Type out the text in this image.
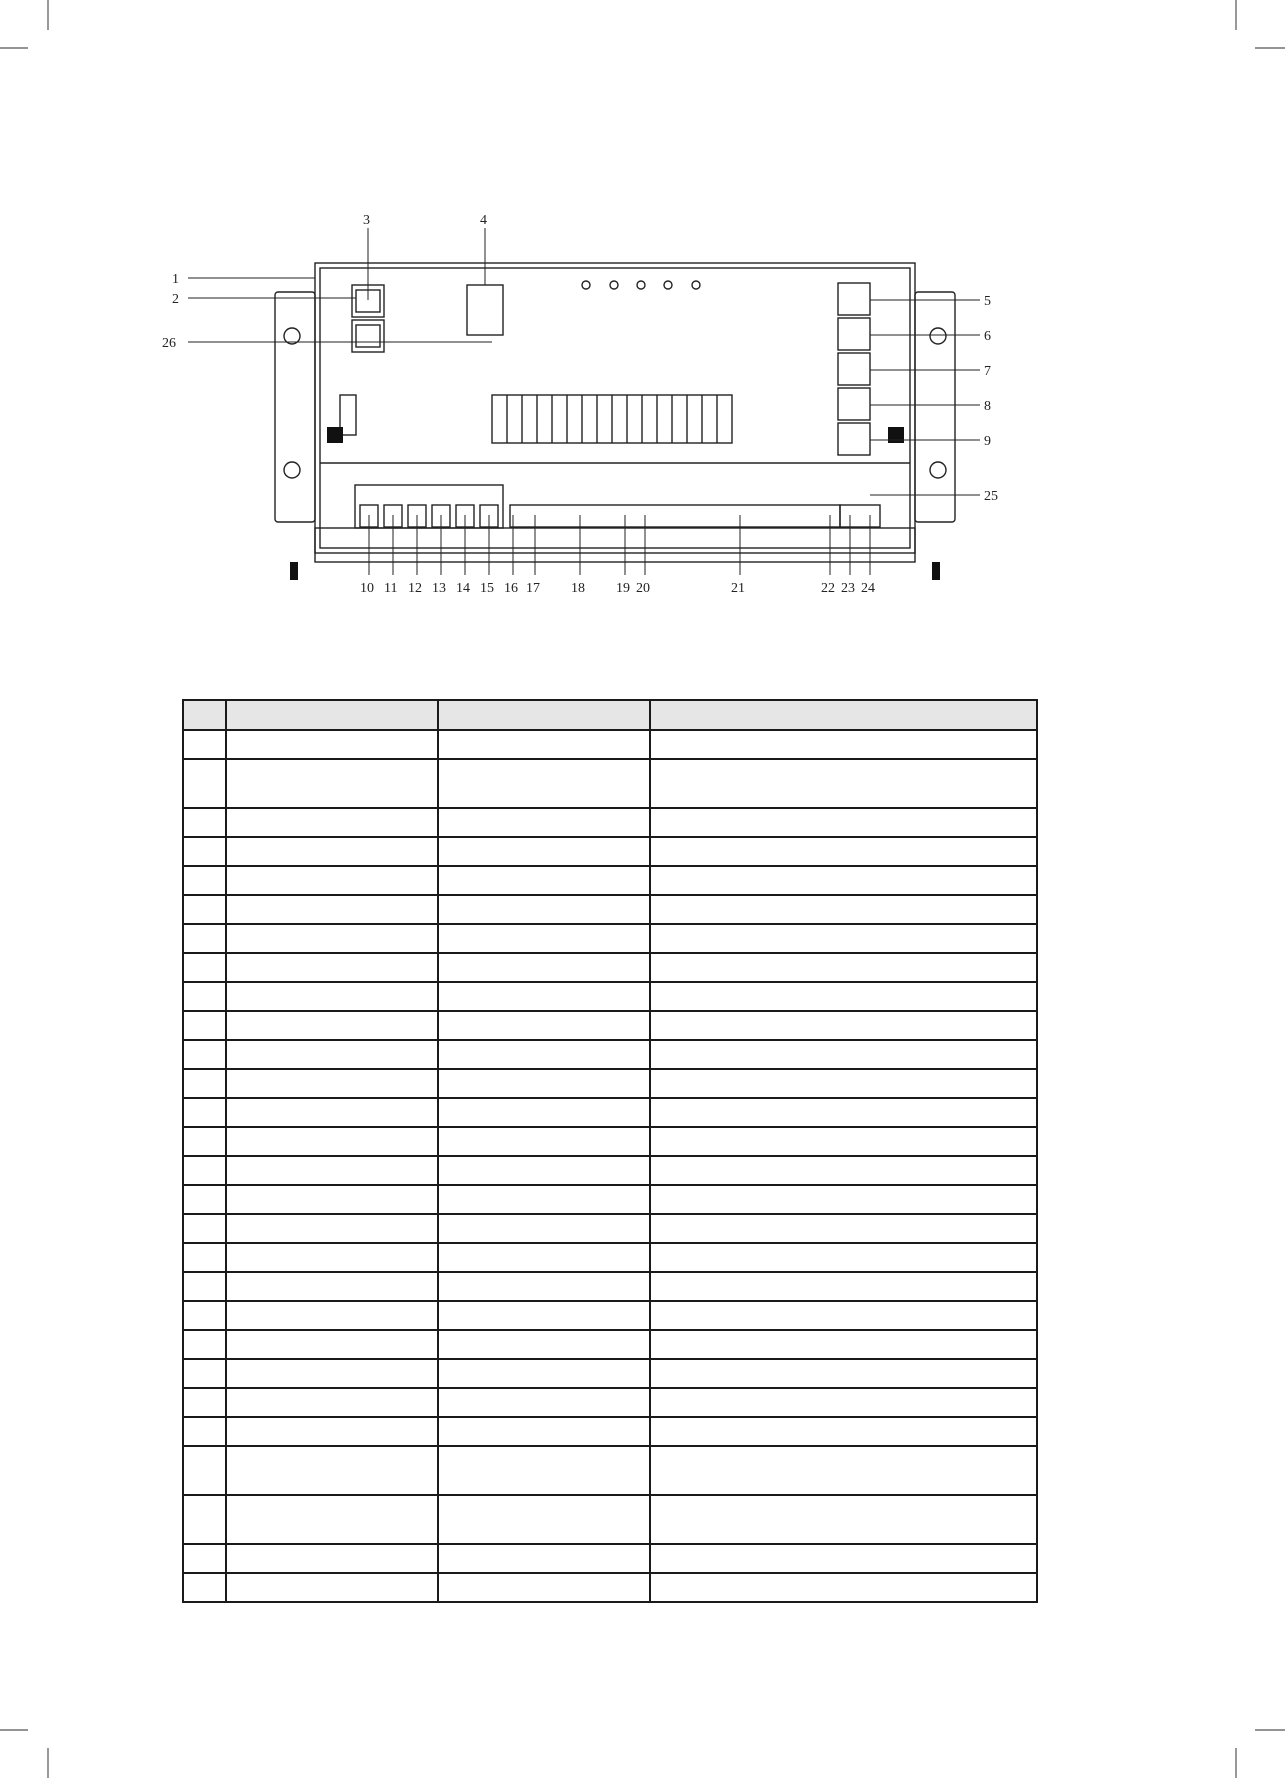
3	4
1
2
26
5
6
7
8
9
25
10 11 12 13 14 15 16 17 18 19 20	21	22 23 24
